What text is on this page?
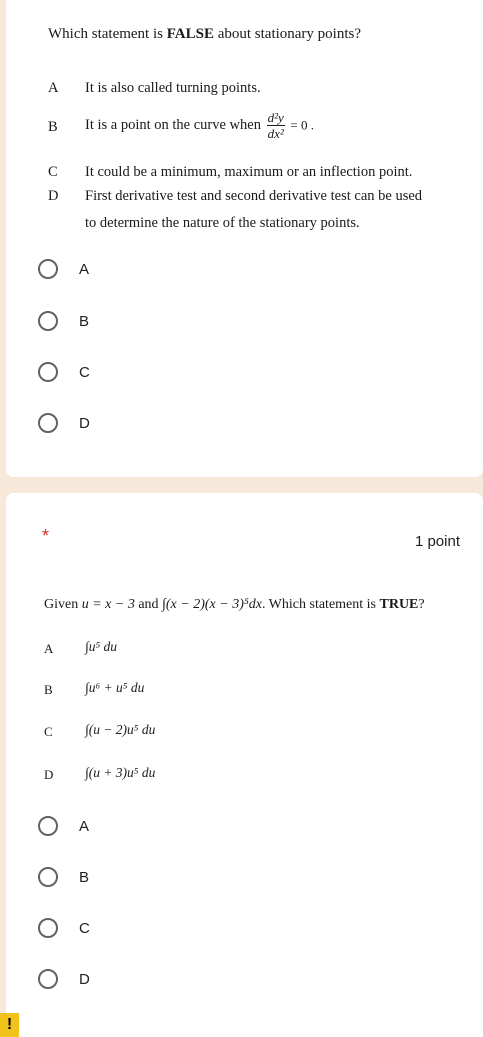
Which statement is FALSE about stationary points?
A It is also called turning points.
B It is a point on the curve when $\frac{\text{d²y}}{\text{dx²}} = 0$ .
C It could be a minimum, maximum or an inflection point.
D First derivative test and second derivative test can be used
to determine the nature of the stationary points.
A
B
C
D
*	1 point
Given u = x − 3 and ∫(x − 2)(x − 3)⁵dx. Which statement is TRUE?
A ∫u⁵ du
B ∫u⁶ + u⁵ du
C ∫(u − 2)u⁵ du
D ∫(u + 3)u⁵ du
A
B
C
D
!
